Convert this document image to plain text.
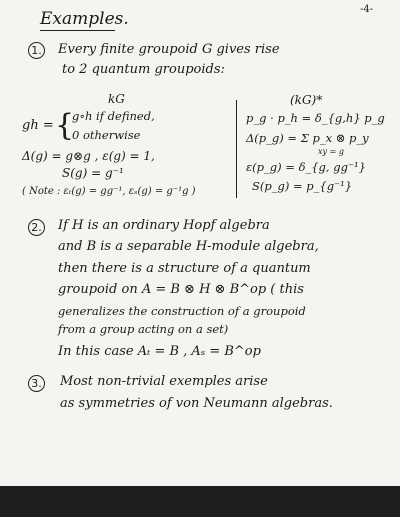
-4-
Examples.
1. Every finite groupoid G gives rise
to 2 quantum groupoids:
kG
gh = {
g∘h if defined,
0 otherwise
Δ(g) = g⊗g , ε(g) = 1,
S(g) = g⁻¹
( Note : εₜ(g) = gg⁻¹, εₛ(g) = g⁻¹g )
(kG)*
p_g · p_h = δ_{g,h} p_g
Δ(p_g) = Σ p_x ⊗ p_y
xy = g
ε(p_g) = δ_{g, gg⁻¹}
S(p_g) = p_{g⁻¹}
2. If H is an ordinary Hopf algebra
and B is a separable H-module algebra,
then there is a structure of a quantum
groupoid on A = B ⊗ H ⊗ B^op ( this
generalizes the construction of a groupoid
from a group acting on a set)
In this case Aₜ = B , Aₛ = B^op
3. Most non-trivial exemples arise
as symmetries of von Neumann algebras.
